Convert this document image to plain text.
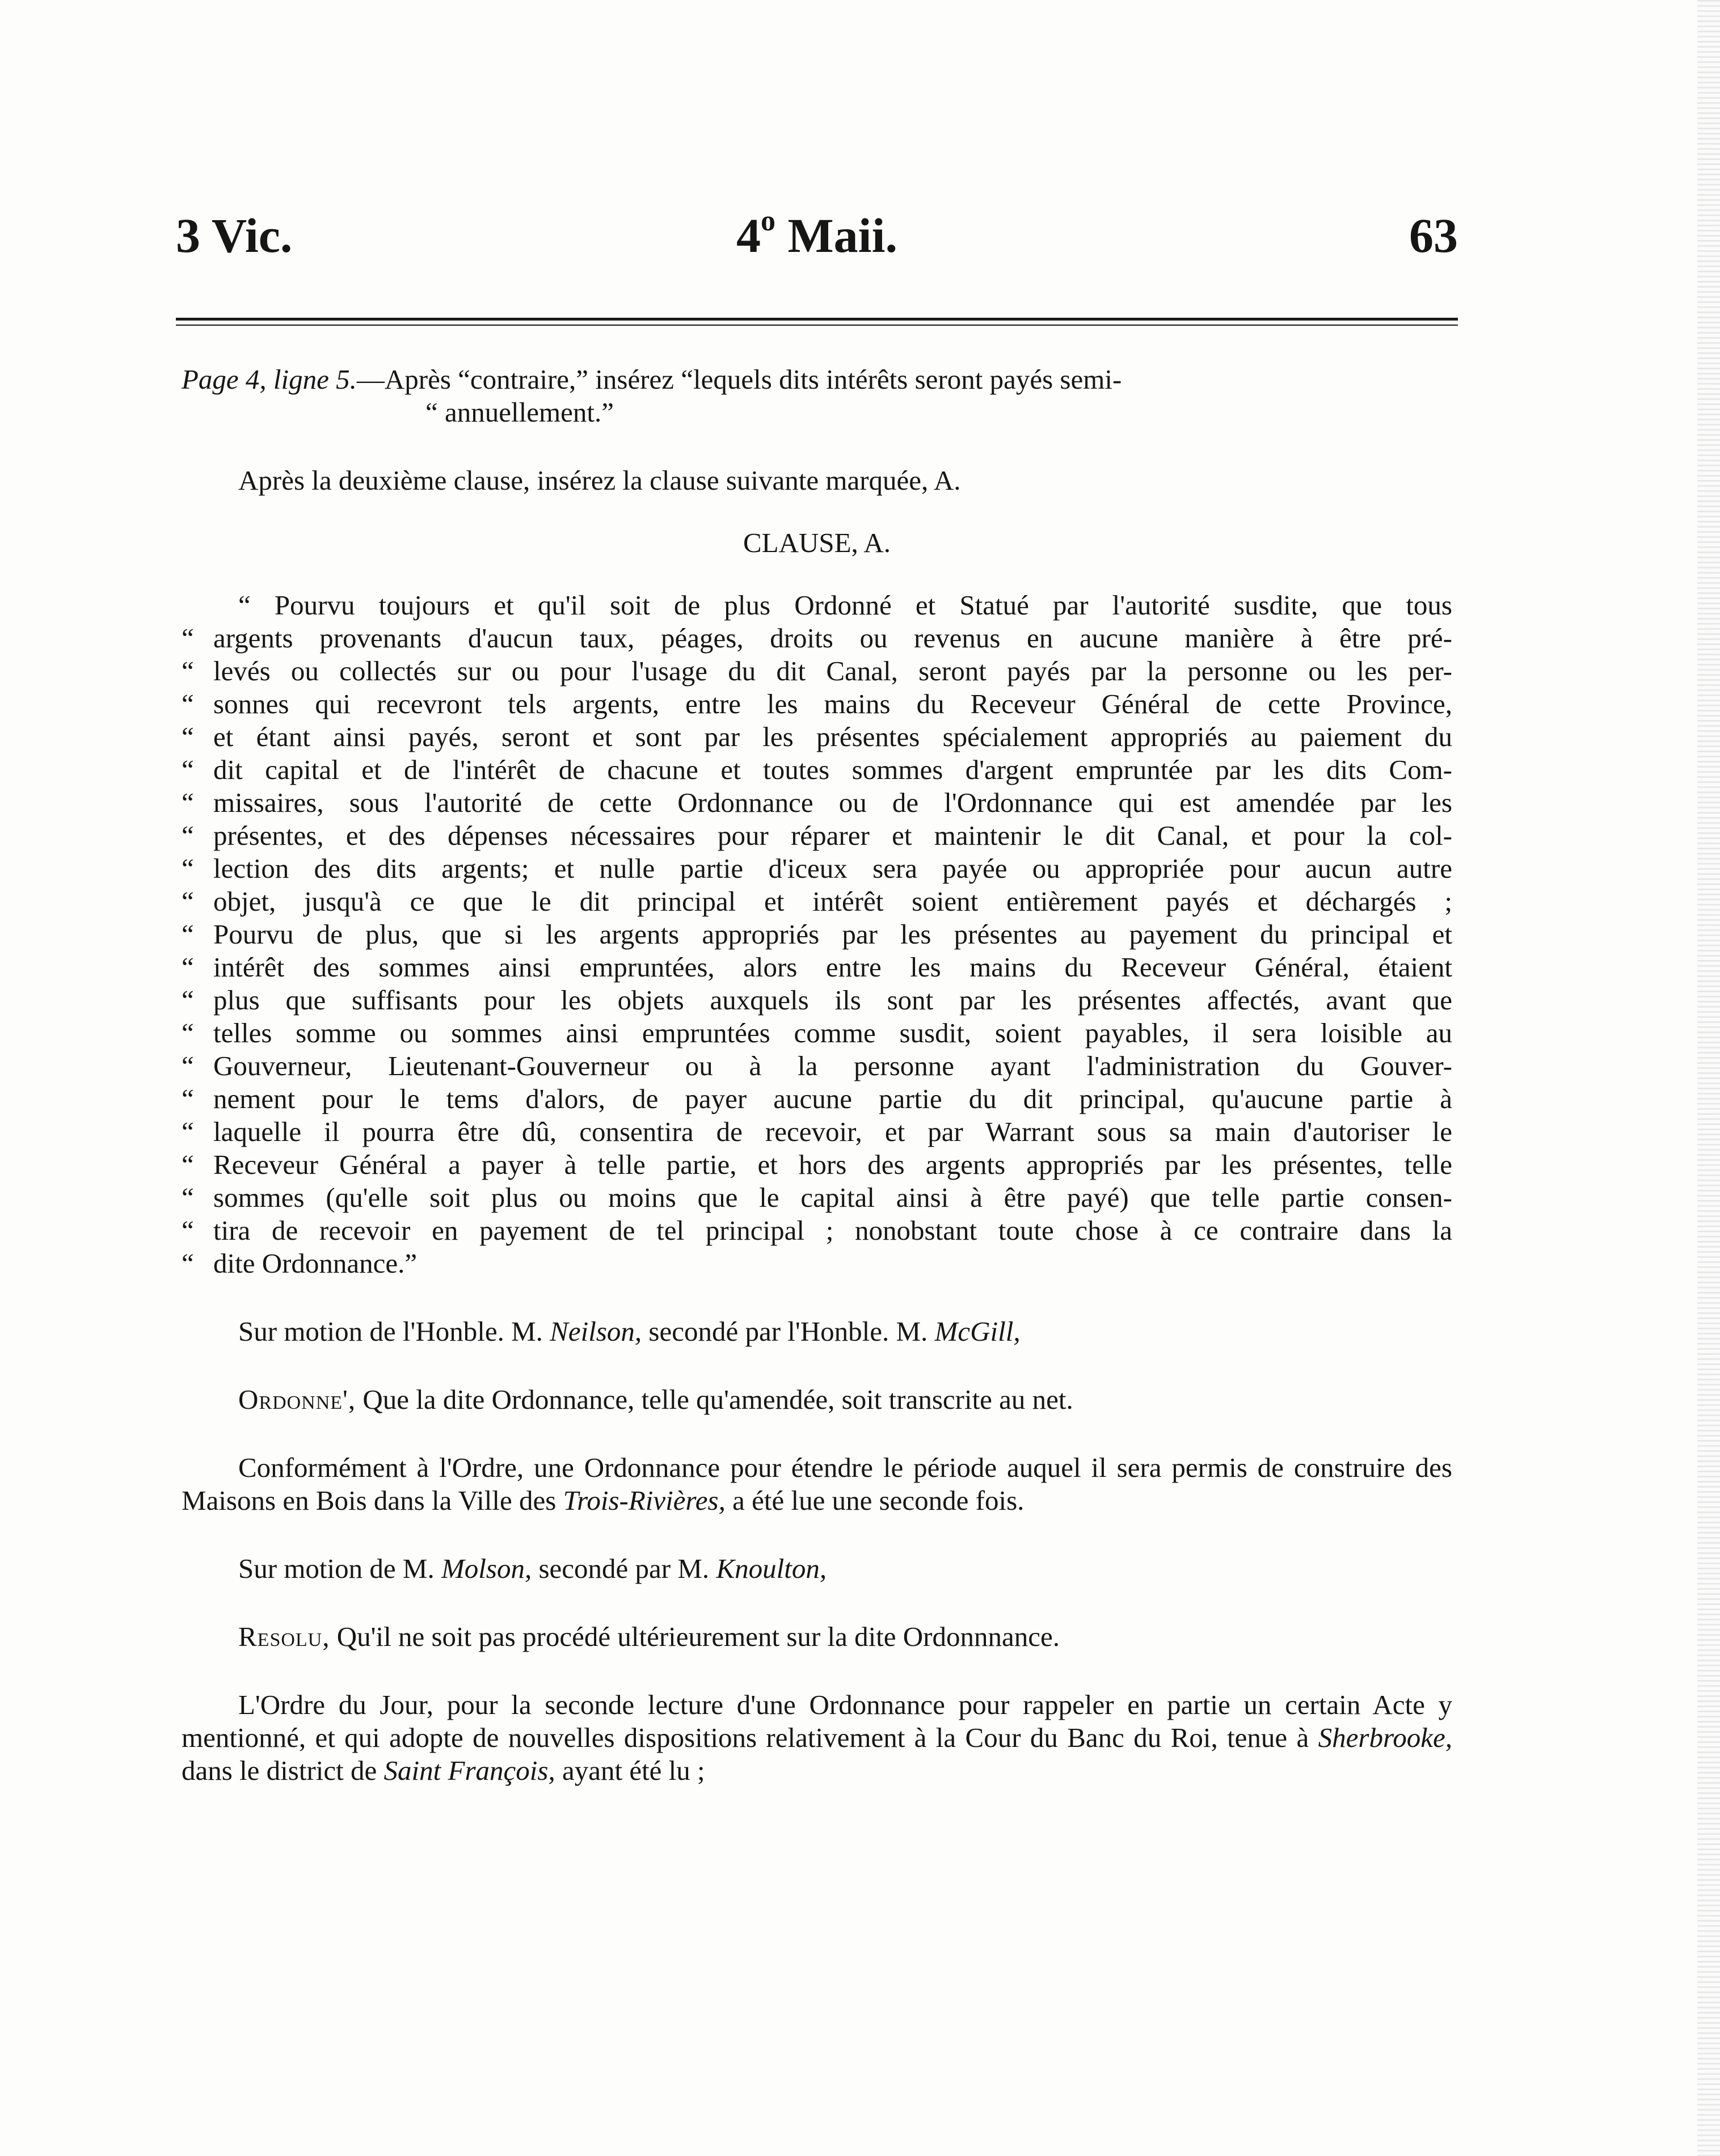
3 Vic.	4$^o$ Maii.	63

Page 4, ligne 5.—Après “contraire,” insérez “lequels dits intérêts seront payés semi-

“ annuellement.”

Après la deuxième clause, insérez la clause suivante marquée, A.

CLAUSE, A.

“ Pourvu toujours et qu'il soit de plus Ordonné et Statué par l'autorité susdite, que tous
“ argents provenants d'aucun taux, péages, droits ou revenus en aucune manière à être pré-
“ levés ou collectés sur ou pour l'usage du dit Canal, seront payés par la personne ou les per-
“ sonnes qui recevront tels argents, entre les mains du Receveur Général de cette Province,
“ et étant ainsi payés, seront et sont par les présentes spécialement appropriés au paiement du
“ dit capital et de l'intérêt de chacune et toutes sommes d'argent empruntée par les dits Com-
“ missaires, sous l'autorité de cette Ordonnance ou de l'Ordonnance qui est amendée par les
“ présentes, et des dépenses nécessaires pour réparer et maintenir le dit Canal, et pour la col-
“ lection des dits argents; et nulle partie d'iceux sera payée ou appropriée pour aucun autre
“ objet, jusqu'à ce que le dit principal et intérêt soient entièrement payés et déchargés ;
“ Pourvu de plus, que si les argents appropriés par les présentes au payement du principal et
“ intérêt des sommes ainsi empruntées, alors entre les mains du Receveur Général, étaient
“ plus que suffisants pour les objets auxquels ils sont par les présentes affectés, avant que
“ telles somme ou sommes ainsi empruntées comme susdit, soient payables, il sera loisible au
“ Gouverneur, Lieutenant-Gouverneur ou à la personne ayant l'administration du Gouver-
“ nement pour le tems d'alors, de payer aucune partie du dit principal, qu'aucune partie à
“ laquelle il pourra être dû, consentira de recevoir, et par Warrant sous sa main d'autoriser le
“ Receveur Général a payer à telle partie, et hors des argents appropriés par les présentes, telle
“ sommes (qu'elle soit plus ou moins que le capital ainsi à être payé) que telle partie consen-
“ tira de recevoir en payement de tel principal ; nonobstant toute chose à ce contraire dans la
“ dite Ordonnance.”

Sur motion de l'Honble. M. Neilson, secondé par l'Honble. M. McGill,

Ordonne', Que la dite Ordonnance, telle qu'amendée, soit transcrite au net.

Conformément à l'Ordre, une Ordonnance pour étendre le période auquel il sera permis de construire des Maisons en Bois dans la Ville des Trois-Rivières, a été lue une seconde fois.

Sur motion de M. Molson, secondé par M. Knoulton,

Resolu, Qu'il ne soit pas procédé ultérieurement sur la dite Ordonnnance.

L'Ordre du Jour, pour la seconde lecture d'une Ordonnance pour rappeler en partie un certain Acte y mentionné, et qui adopte de nouvelles dispositions relativement à la Cour du Banc du Roi, tenue à Sherbrooke, dans le district de Saint François, ayant été lu ;
